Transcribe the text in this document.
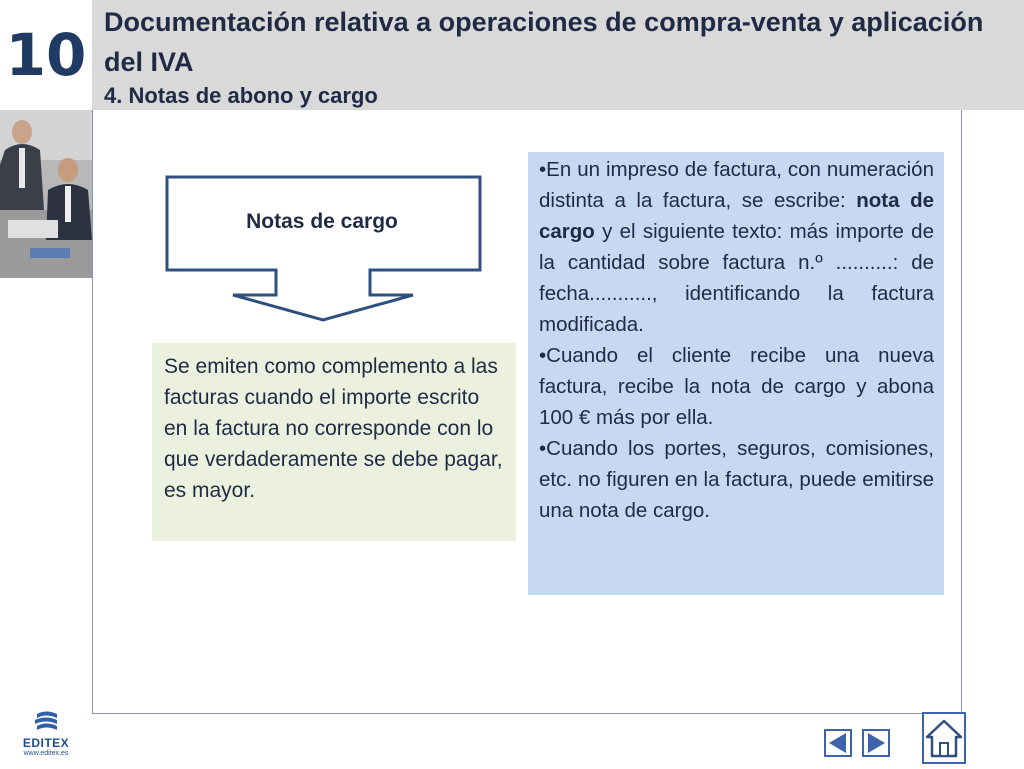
10 Documentación relativa a operaciones de compra-venta y aplicación del IVA
4. Notas de abono y cargo
Notas de cargo
Se emiten como complemento a las facturas cuando el importe escrito en la factura no corresponde con lo que verdaderamente se debe pagar, es mayor.

•En un impreso de factura, con numeración distinta a la factura, se escribe: nota de cargo y el siguiente texto: más importe de la cantidad sobre factura n.º ..........: de fecha..........., identificando la factura modificada.

•Cuando el cliente recibe una nueva factura, recibe la nota de cargo y abona 100 € más por ella.

•Cuando los portes, seguros, comisiones, etc. no figuren en la factura, puede emitirse una nota de cargo.

EDITEX
www.editex.es
